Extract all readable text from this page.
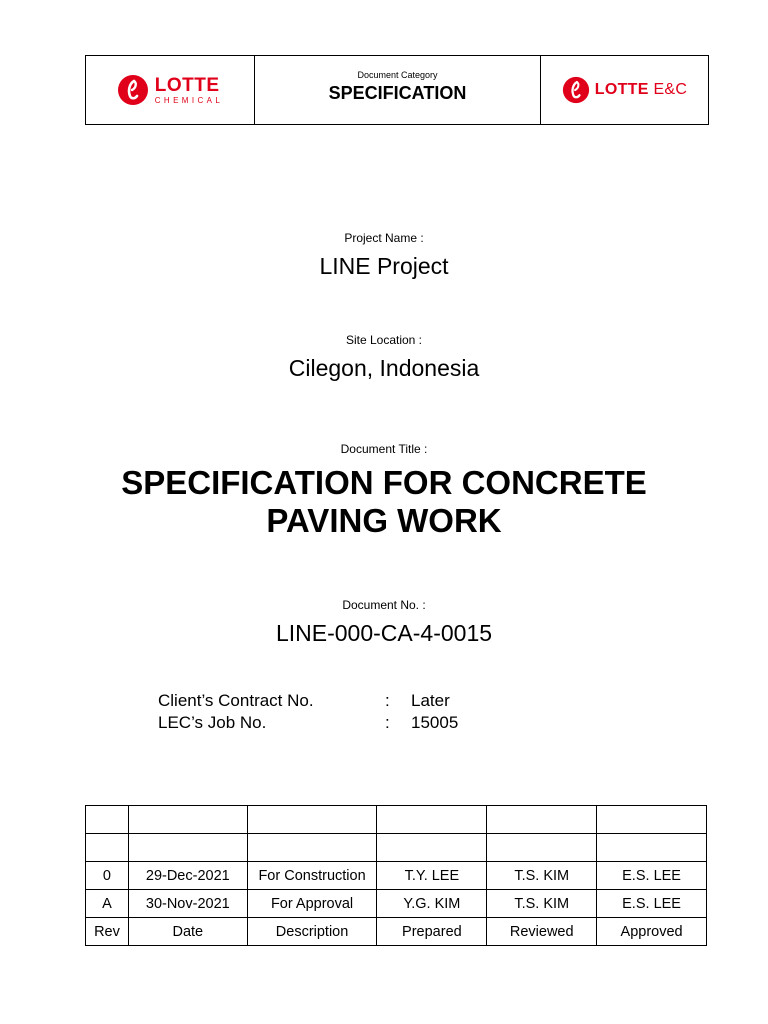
LOTTE
CHEMICAL
Document Category
SPECIFICATION	LOTTE E&C
Project Name :
LINE Project
Site Location :
Cilegon, Indonesia
Document Title :
SPECIFICATION FOR CONCRETE
PAVING WORK
Document No. :
LINE-000-CA-4-0015
Client’s Contract No.	:	Later
LEC’s Job No.	:	15005

0	29-Dec-2021	For Construction	T.Y. LEE	T.S. KIM	E.S. LEE
A	30-Nov-2021	For Approval	Y.G. KIM	T.S. KIM	E.S. LEE
Rev	Date	Description	Prepared	Reviewed	Approved
